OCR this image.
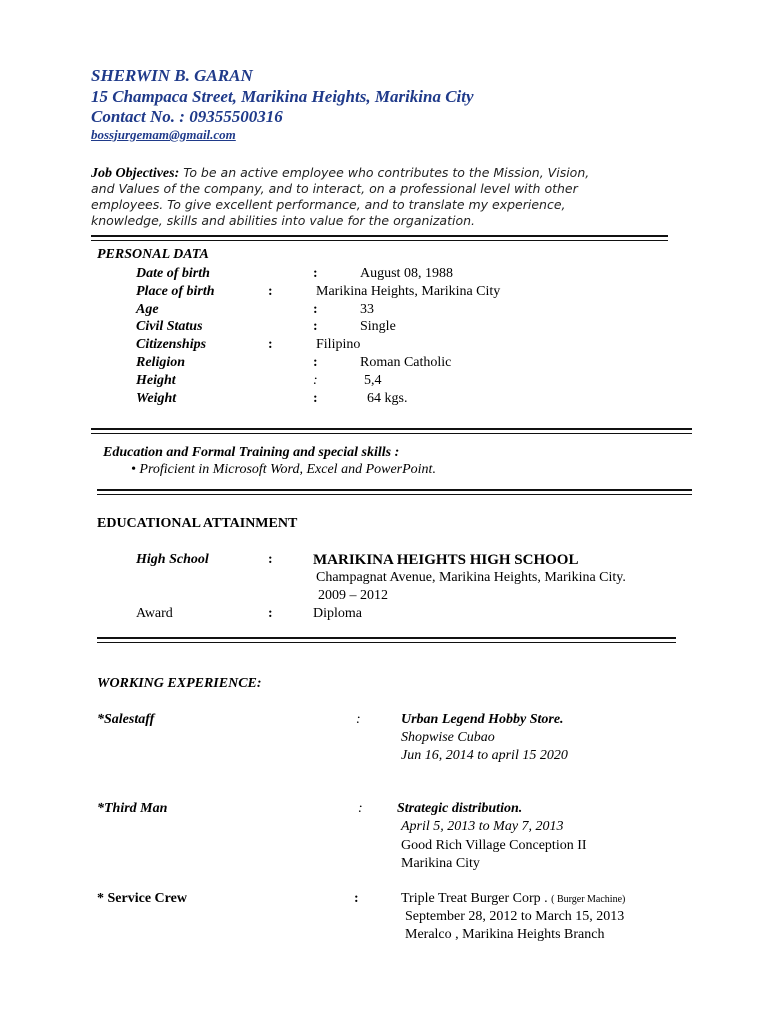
SHERWIN B. GARAN
15 Champaca Street, Marikina Heights, Marikina City
Contact No. : 09355500316
bossjurgemam@gmail.com
Job Objectives: To be an active employee who contributes to the Mission, Vision,
and Values of the company, and to interact, on a professional level with other
employees. To give excellent performance, and to translate my experience,
knowledge, skills and abilities into value for the organization.
PERSONAL DATA
Date of birth	:	August 08, 1988
Place of birth	:	Marikina Heights, Marikina City
Age	:	33
Civil Status	:	Single
Citizenships	:	Filipino
Religion	:	Roman Catholic
Height	:	5,4
Weight	:	64 kgs.
Education and Formal Training and special skills :
• Proficient in Microsoft Word, Excel and PowerPoint.
EDUCATIONAL ATTAINMENT
High School	:	MARIKINA HEIGHTS HIGH SCHOOL
Champagnat Avenue, Marikina Heights, Marikina City.
2009 – 2012
Award	:	Diploma
WORKING EXPERIENCE:
*Salestaff	:	Urban Legend Hobby Store.
Shopwise Cubao
Jun 16, 2014 to april 15 2020
*Third Man	: Strategic distribution.
April 5, 2013 to May 7, 2013
Good Rich Village Conception II
Marikina City
* Service Crew	:	Triple Treat Burger Corp . ( Burger Machine)
September 28, 2012 to March 15, 2013
Meralco , Marikina Heights Branch
